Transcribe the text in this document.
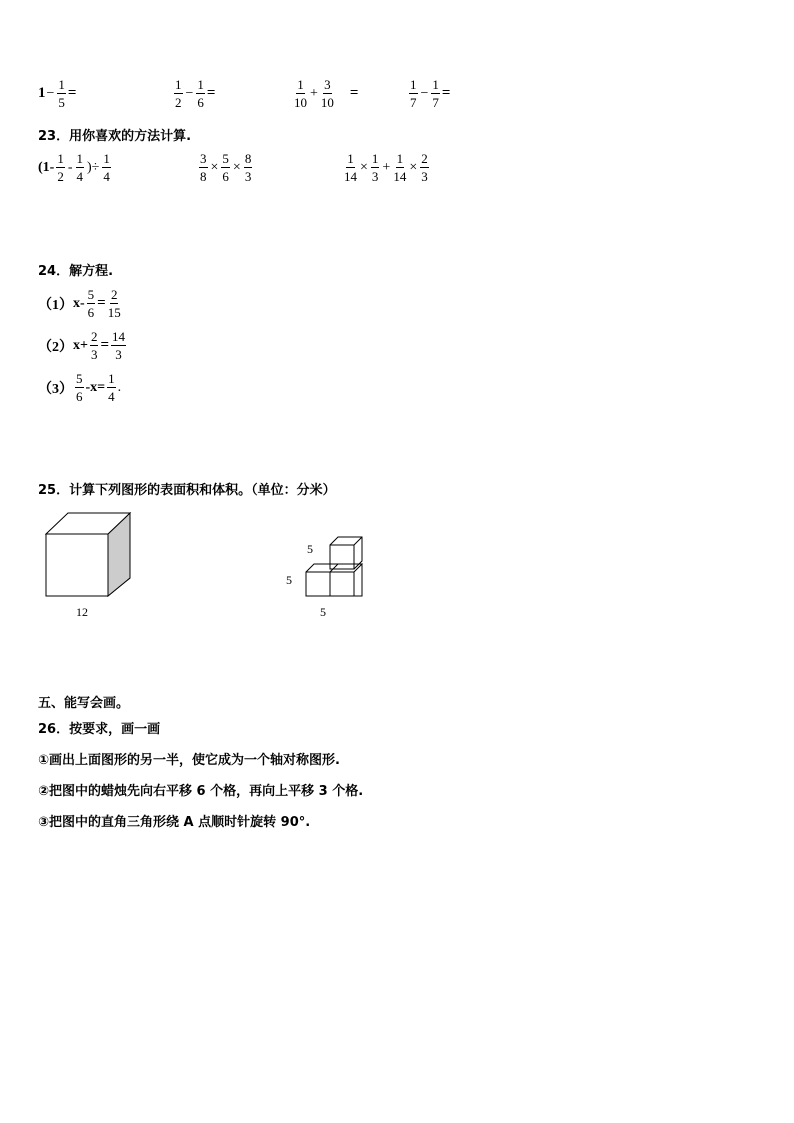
$1 - \frac{1}{5}$ =	$\frac{1}{2} - \frac{1}{6}$ =	$\frac{1}{10} + \frac{3}{10}$ =	$\frac{1}{7} - \frac{1}{7}$ =
23．用你喜欢的方法计算.
($1- \frac{1}{2} - \frac{1}{4}$ )÷ $\frac{1}{4}$	$\frac{3}{8} \times \frac{5}{6} \times \frac{8}{3}$	$\frac{1}{14} \times \frac{1}{3} + \frac{1}{14} \times \frac{2}{3}$
24．解方程.
（1） $x- \frac{5}{6} = \frac{2}{15}$
（2） $x+ \frac{2}{3} = \frac{14}{3}$
$(3) \frac{5}{6} -x= \frac{1}{4}$ .
25．计算下列图形的表面积和体积。（单位：分米）
12
5
5
5
五、能写会画。
26．按要求，画一画
①画出上面图形的另一半，使它成为一个轴对称图形.
②把图中的蜡烛先向右平移 6 个格，再向上平移 3 个格.
③把图中的直角三角形绕 A 点顺时针旋转 90°.
